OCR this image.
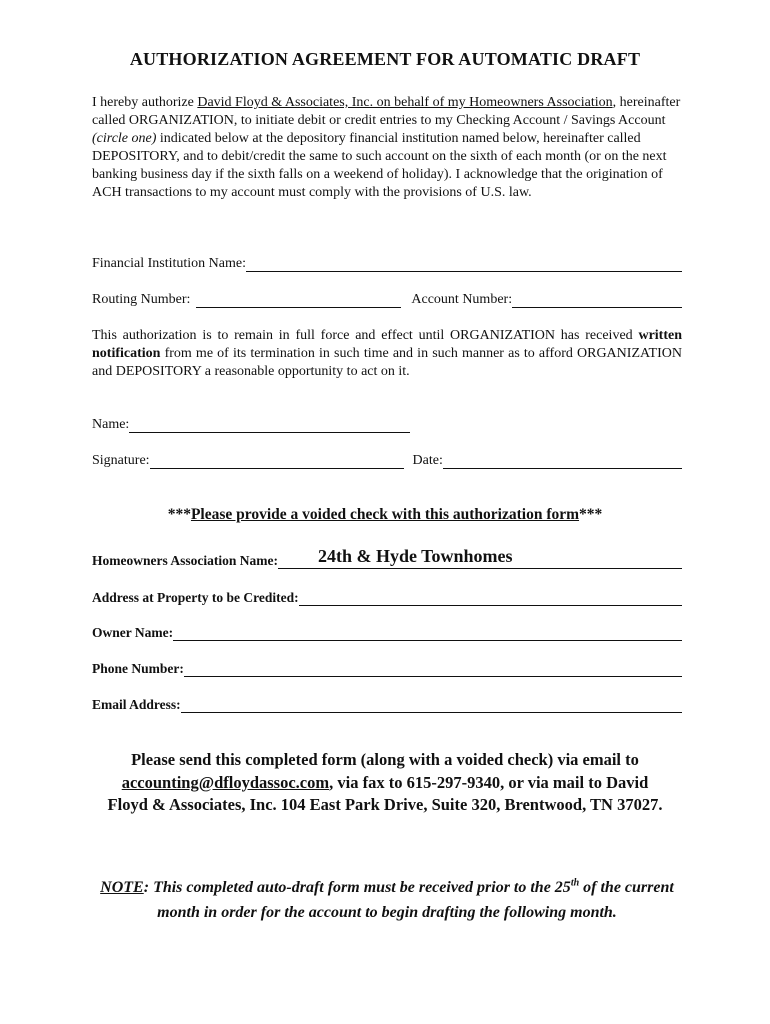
AUTHORIZATION AGREEMENT FOR AUTOMATIC DRAFT
I hereby authorize David Floyd & Associates, Inc. on behalf of my Homeowners Association, hereinafter called ORGANIZATION, to initiate debit or credit entries to my Checking Account / Savings Account (circle one) indicated below at the depository financial institution named below, hereinafter called DEPOSITORY, and to debit/credit the same to such account on the sixth of each month (or on the next banking business day if the sixth falls on a weekend of holiday). I acknowledge that the origination of ACH transactions to my account must comply with the provisions of U.S. law.
Financial Institution Name:
Routing Number:	Account Number:
This authorization is to remain in full force and effect until ORGANIZATION has received written notification from me of its termination in such time and in such manner as to afford ORGANIZATION and DEPOSITORY a reasonable opportunity to act on it.
Name:
Signature:	Date:
***Please provide a voided check with this authorization form***
Homeowners Association Name: 24th & Hyde Townhomes
Address at Property to be Credited:
Owner Name:
Phone Number:
Email Address:
Please send this completed form (along with a voided check) via email to accounting@dfloydassoc.com, via fax to 615-297-9340, or via mail to David Floyd & Associates, Inc. 104 East Park Drive, Suite 320, Brentwood, TN 37027.
NOTE: This completed auto-draft form must be received prior to the 25th of the current month in order for the account to begin drafting the following month.
